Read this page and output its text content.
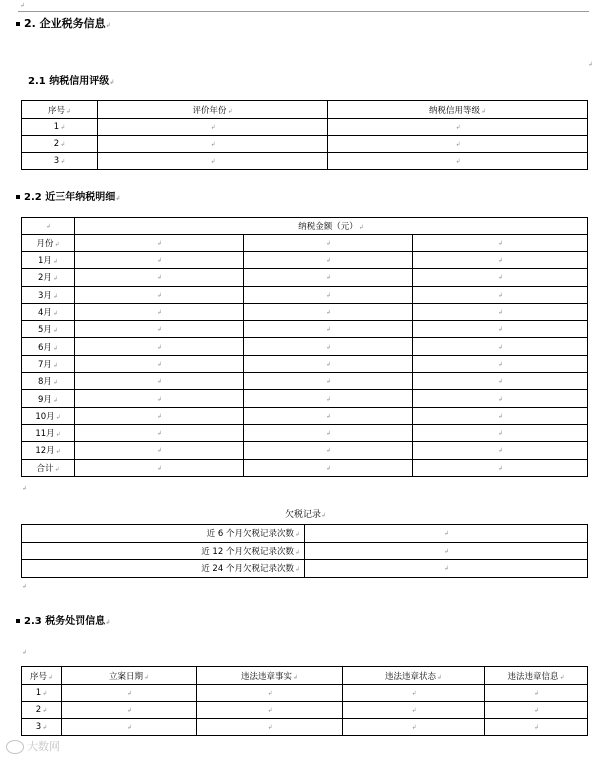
↲
2. 企业税务信息 ↲
↲
2.1 纳税信用评级 ↲
序号 ↲	评价年份 ↲	纳税信用等级 ↲
1 ↲	↲	↲
2 ↲	↲	↲
3 ↲	↲	↲
2.2 近三年纳税明细 ↲
↲	纳税金额（元） ↲
月份 ↲	↲	↲	↲
1月 ↲	↲	↲	↲
2月 ↲	↲	↲	↲
3月 ↲	↲	↲	↲
4月 ↲	↲	↲	↲
5月 ↲	↲	↲	↲
6月 ↲	↲	↲	↲
7月 ↲	↲	↲	↲
8月 ↲	↲	↲	↲
9月 ↲	↲	↲	↲
10月 ↲	↲	↲	↲
11月 ↲	↲	↲	↲
12月 ↲	↲	↲	↲
合计 ↲	↲	↲	↲
↲
欠税记录 ↲
近 6 个月欠税记录次数 ↲	↲
近 12 个月欠税记录次数 ↲	↲
近 24 个月欠税记录次数 ↲	↲
↲
2.3 税务处罚信息 ↲
↲
序号 ↲	立案日期 ↲	违法违章事实 ↲	违法违章状态 ↲	违法违章信息 ↲
1 ↲	↲	↲	↲	↲
2 ↲	↲	↲	↲	↲
3 ↲	↲	↲	↲	↲
大数网
